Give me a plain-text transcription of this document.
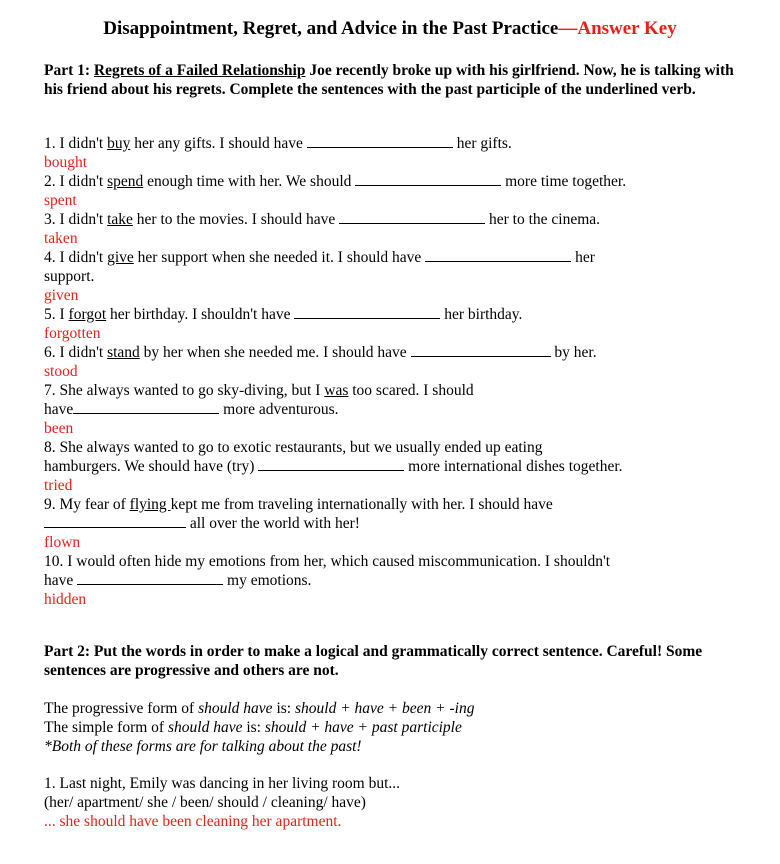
Disappointment, Regret, and Advice in the Past Practice—Answer Key
Part 1: Regrets of a Failed Relationship Joe recently broke up with his girlfriend. Now, he is talking with his friend about his regrets. Complete the sentences with the past participle of the underlined verb.
1. I didn't buy her any gifts. I should have	her gifts.
bought
2. I didn't spend enough time with her. We should	more time together.
spent
3. I didn't take her to the movies. I should have	her to the cinema.
taken
4. I didn't give her support when she needed it. I should have	her
support.
given
5. I forgot her birthday. I shouldn't have	her birthday.
forgotten
6. I didn't stand by her when she needed me. I should have	by her.
stood
7. She always wanted to go sky-diving, but I was too scared. I should
have	more adventurous.
been
8. She always wanted to go to exotic restaurants, but we usually ended up eating
hamburgers. We should have (try)	more international dishes together.
tried
9. My fear of flying kept me from traveling internationally with her. I should have
all over the world with her!
flown
10. I would often hide my emotions from her, which caused miscommunication. I shouldn't
have	my emotions.
hidden
Part 2: Put the words in order to make a logical and grammatically correct sentence. Careful! Some sentences are progressive and others are not.
The progressive form of should have is: should + have + been + -ing
The simple form of should have is: should + have + past participle
*Both of these forms are for talking about the past!
1. Last night, Emily was dancing in her living room but...
(her/ apartment/ she / been/ should / cleaning/ have)
... she should have been cleaning her apartment.
